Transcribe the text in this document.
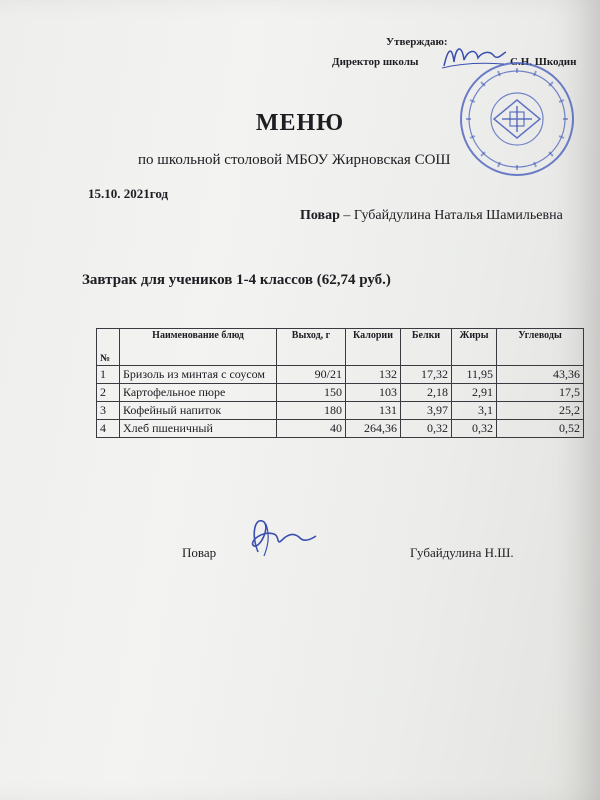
Утверждаю:
Директор школы	С.Н. Шкодин
МЕНЮ
по школьной столовой МБОУ Жирновская СОШ
15.10. 2021год
Повар – Губайдулина Наталья Шамильевна
Завтрак для учеников 1-4 классов (62,74 руб.)
№	Наименование блюд	Выход, г	Калории	Белки	Жиры	Углеводы
1	Бризоль из минтая с соусом	90/21	132	17,32	11,95	43,36
2	Картофельное пюре	150	103	2,18	2,91	17,5
3	Кофейный напиток	180	131	3,97	3,1	25,2
4	Хлеб пшеничный	40	264,36	0,32	0,32	0,52
Повар	Губайдулина Н.Ш.
